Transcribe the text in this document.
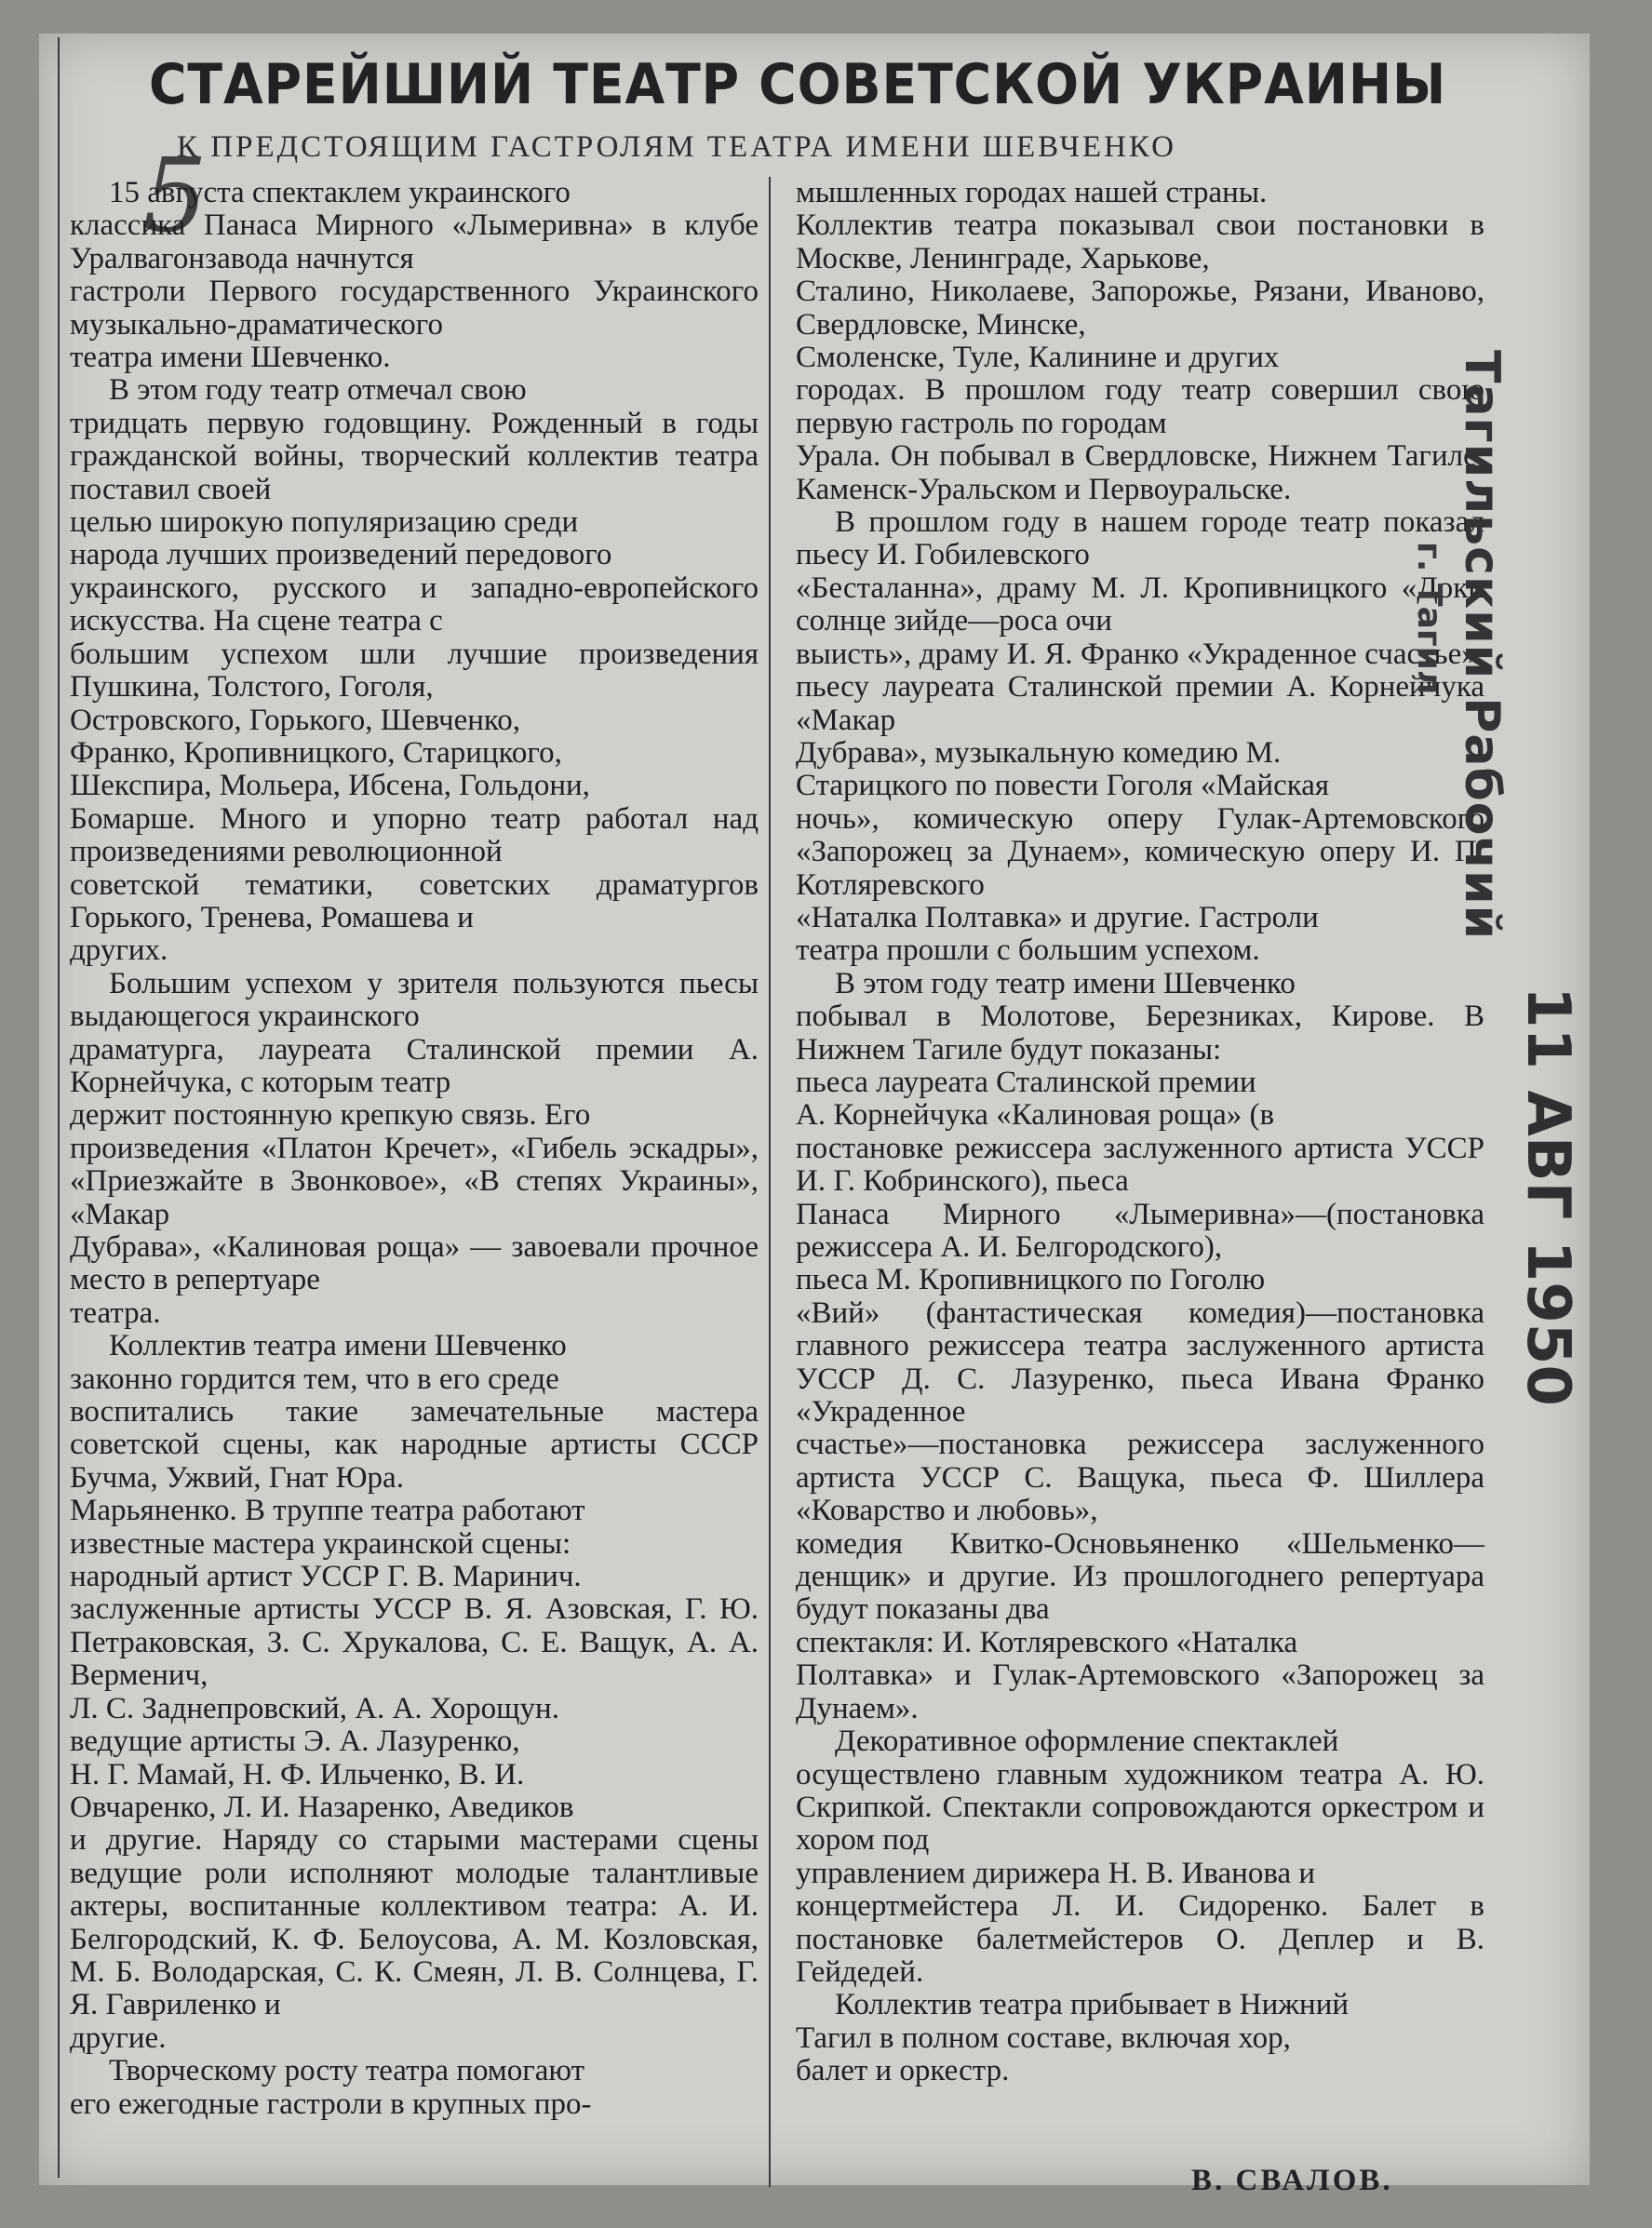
СТАРЕЙШИЙ ТЕАТР СОВЕТСКОЙ УКРАИНЫ
К ПРЕДСТОЯЩИМ ГАСТРОЛЯМ ТЕАТРА ИМЕНИ ШЕВЧЕНКО
5

15 августа спектаклем украинского
классика Панаса Мирного «Лымеривна» в клубе Уралвагонзавода начнутся
гастроли Первого государственного Украинского музыкально-драматического
театра имени Шевченко.

В этом году театр отмечал свою
тридцать первую годовщину. Рожденный в годы гражданской войны, творческий коллектив театра поставил своей
целью широкую популяризацию среди
народа лучших произведений передового
украинского, русского и западно-европейского искусства. На сцене театра с
большим успехом шли лучшие произведения Пушкина, Толстого, Гоголя,
Островского, Горького, Шевченко,
Франко, Кропивницкого, Старицкого,
Шекспира, Мольера, Ибсена, Гольдони,
Бомарше. Много и упорно театр работал над произведениями революционной
советской тематики, советских драматургов Горького, Тренева, Ромашева и
других.

Большим успехом у зрителя пользуются пьесы выдающегося украинского
драматурга, лауреата Сталинской премии А. Корнейчука, с которым театр
держит постоянную крепкую связь. Его
произведения «Платон Кречет», «Гибель эскадры», «Приезжайте в Звонковое», «В степях Украины», «Макар
Дубрава», «Калиновая роща» — завоевали прочное место в репертуаре
театра.

Коллектив театра имени Шевченко
законно гордится тем, что в его среде
воспитались такие замечательные мастера советской сцены, как народные артисты СССР Бучма, Ужвий, Гнат Юра.
Марьяненко. В труппе театра работают
известные мастера украинской сцены:
народный артист УССР Г. В. Маринич.
заслуженные артисты УССР В. Я. Азовская, Г. Ю. Петраковская, З. С. Хрукалова, С. Е. Ващук, А. А. Верменич,
Л. С. Заднепровский, А. А. Хорощун.
ведущие артисты Э. А. Лазуренко,
Н. Г. Мамай, Н. Ф. Ильченко, В. И.
Овчаренко, Л. И. Назаренко, Аведиков
и другие. Наряду со старыми мастерами сцены ведущие роли исполняют молодые талантливые актеры, воспитанные коллективом театра: А. И. Белгородский, К. Ф. Белоусова, А. М. Козловская, М. Б. Володарская, С. К. Смеян, Л. В. Солнцева, Г. Я. Гавриленко и
другие.

Творческому росту театра помогают
его ежегодные гастроли в крупных про-

мышленных городах нашей страны.
Коллектив театра показывал свои постановки в Москве, Ленинграде, Харькове,
Сталино, Николаеве, Запорожье, Рязани, Иваново, Свердловске, Минске,
Смоленске, Туле, Калинине и других
городах. В прошлом году театр совершил свою первую гастроль по городам
Урала. Он побывал в Свердловске, Нижнем Тагиле, Каменск-Уральском и Первоуральске.

В прошлом году в нашем городе театр показал пьесу И. Гобилевского
«Бесталанна», драму М. Л. Кропивницкого «Доки солнце зийде—роса очи
выисть», драму И. Я. Франко «Украденное счастье», пьесу лауреата Сталинской премии А. Корнейчука «Макар
Дубрава», музыкальную комедию М.
Старицкого по повести Гоголя «Майская
ночь», комическую оперу Гулак-Артемовского «Запорожец за Дунаем», комическую оперу И. П. Котляревского
«Наталка Полтавка» и другие. Гастроли
театра прошли с большим успехом.

В этом году театр имени Шевченко
побывал в Молотове, Березниках, Кирове. В Нижнем Тагиле будут показаны:
пьеса лауреата Сталинской премии
А. Корнейчука «Калиновая роща» (в
постановке режиссера заслуженного артиста УССР И. Г. Кобринского), пьеса
Панаса Мирного «Лымеривна»—(постановка режиссера А. И. Белгородского),
пьеса М. Кропивницкого по Гоголю
«Вий» (фантастическая комедия)—постановка главного режиссера театра заслуженного артиста УССР Д. С. Лазуренко, пьеса Ивана Франко «Украденное
счастье»—постановка режиссера заслуженного артиста УССР С. Ващука, пьеса Ф. Шиллера «Коварство и любовь»,
комедия Квитко-Основьяненко «Шельменко—денщик» и другие. Из прошлогоднего репертуара будут показаны два
спектакля: И. Котляревского «Наталка
Полтавка» и Гулак-Артемовского «Запорожец за Дунаем».

Декоративное оформление спектаклей
осуществлено главным художником театра А. Ю. Скрипкой. Спектакли сопровождаются оркестром и хором под
управлением дирижера Н. В. Иванова и
концертмейстера Л. И. Сидоренко. Балет в постановке балетмейстеров О. Деплер и В. Гейдедей.

Коллектив театра прибывает в Нижний
Тагил в полном составе, включая хор,
балет и оркестр.

В. СВАЛОВ.
Тагильский Рабочий
г. Тагил
11 АВГ 1950
